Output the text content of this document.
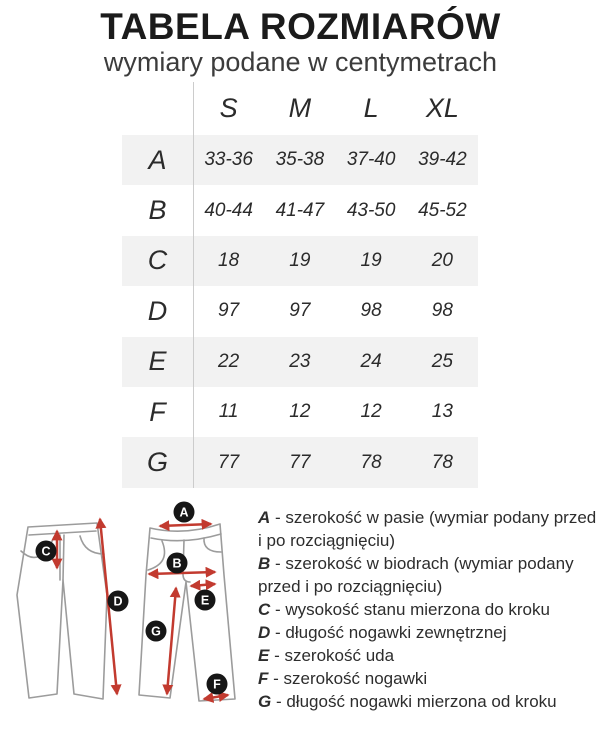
TABELA ROZMIARÓW
wymiary podane w centymetrach
S	M	L	XL
A	33-36	35-38	37-40	39-42
B	40-44	41-47	43-50	45-52
C	18	19	19	20
D	97	97	98	98
E	22	23	24	25
F	11	12	12	13
G	77	77	78	78
C
D
A
B
E
G
F
A - szerokość w pasie (wymiar podany przed i po rozciągnięciu)
B - szerokość w biodrach (wymiar podany przed i po rozciągnięciu)
C - wysokość stanu mierzona do kroku
D - długość nogawki zewnętrznej
E - szerokość uda
F - szerokość nogawki
G - długość nogawki mierzona od kroku
